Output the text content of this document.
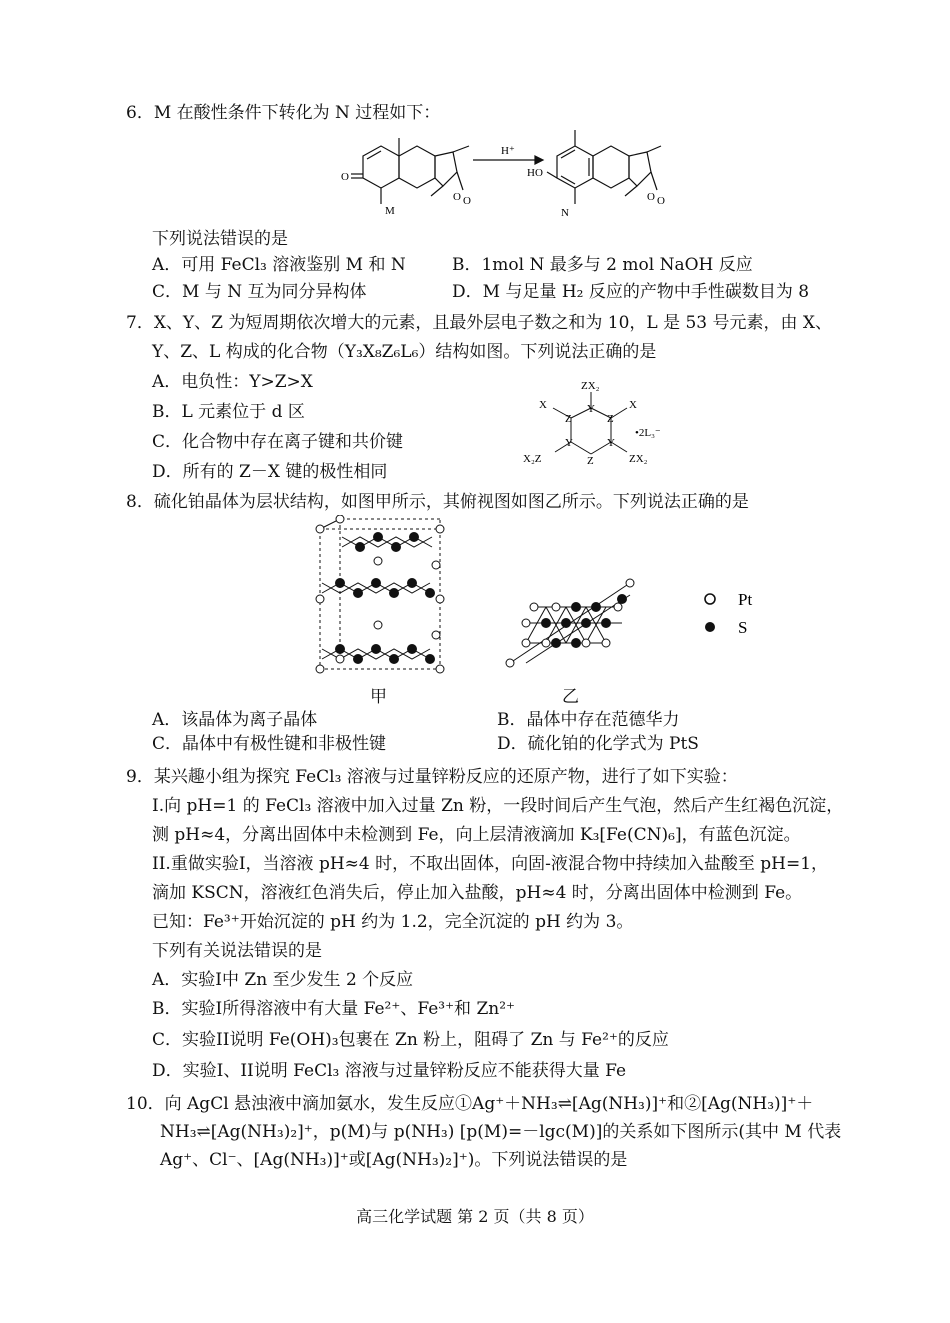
6．M 在酸性条件下转化为 N 过程如下：
O
O O
M
H⁺
HO
O O
N
下列说法错误的是
A．可用 FeCl₃ 溶液鉴别 M 和 N	B．1mol N 最多与 2 mol NaOH 反应
C．M 与 N 互为同分异构体	D．M 与足量 H₂ 反应的产物中手性碳数目为 8
7．X、Y、Z 为短周期依次增大的元素，且最外层电子数之和为 10，L 是 53 号元素，由 X、
Y、Z、L 构成的化合物（Y₃X₈Z₆L₆）结构如图。下列说法正确的是
A．电负性：Y>Z>X
B．L 元素位于 d 区
C．化合物中存在离子键和共价键
D．所有的 Z－X 键的极性相同
ZX₂
X
Z
Y
Z
X
•2L₃⁻
Y	Y
Z
X₂Z	ZX₂
8．硫化铂晶体为层状结构，如图甲所示，其俯视图如图乙所示。下列说法正确的是
Pt
S
甲	乙
A．该晶体为离子晶体	B．晶体中存在范德华力
C．晶体中有极性键和非极性键	D．硫化铂的化学式为 PtS
9．某兴趣小组为探究 FeCl₃ 溶液与过量锌粉反应的还原产物，进行了如下实验：
I.向 pH=1 的 FeCl₃ 溶液中加入过量 Zn 粉，一段时间后产生气泡，然后产生红褐色沉淀，
测 pH≈4，分离出固体中未检测到 Fe，向上层清液滴加 K₃[Fe(CN)₆]，有蓝色沉淀。
II.重做实验I，当溶液 pH≈4 时，不取出固体，向固-液混合物中持续加入盐酸至 pH=1，
滴加 KSCN，溶液红色消失后，停止加入盐酸，pH≈4 时，分离出固体中检测到 Fe。
已知：Fe³⁺开始沉淀的 pH 约为 1.2，完全沉淀的 pH 约为 3。
下列有关说法错误的是
A．实验I中 Zn 至少发生 2 个反应
B．实验I所得溶液中有大量 Fe²⁺、Fe³⁺和 Zn²⁺
C．实验II说明 Fe(OH)₃包裹在 Zn 粉上，阻碍了 Zn 与 Fe²⁺的反应
D．实验I、II说明 FeCl₃ 溶液与过量锌粉反应不能获得大量 Fe
10．向 AgCl 悬浊液中滴加氨水，发生反应①Ag⁺＋NH₃⇌[Ag(NH₃)]⁺和②[Ag(NH₃)]⁺＋
NH₃⇌[Ag(NH₃)₂]⁺，p(M)与 p(NH₃) [p(M)=－lgc(M)]的关系如下图所示(其中 M 代表
Ag⁺、Cl⁻、[Ag(NH₃)]⁺或[Ag(NH₃)₂]⁺)。下列说法错误的是
高三化学试题 第 2 页（共 8 页）
